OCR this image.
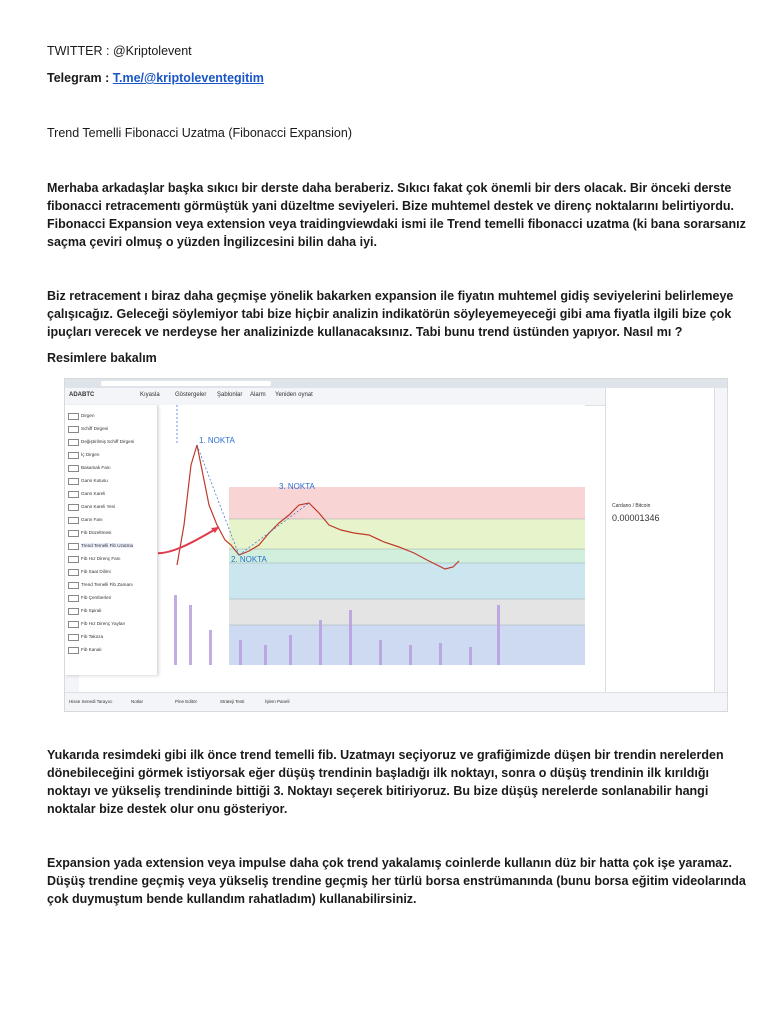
TWITTER : @Kriptolevent
Telegram : T.me/@kriptoleventegitim
Trend Temelli Fibonacci Uzatma (Fibonacci Expansion)
Merhaba arkadaşlar başka sıkıcı bir derste daha beraberiz. Sıkıcı fakat çok önemli bir ders olacak. Bir önceki derste
fibonacci retracementı görmüştük yani düzeltme seviyeleri. Bize muhtemel destek ve direnç noktalarını belirtiyordu.
Fibonacci Expansion veya extension veya traidingviewdaki ismi ile Trend temelli fibonacci uzatma (ki bana sorarsanız
saçma çeviri olmuş o yüzden İngilizcesini bilin daha iyi.
Biz retracement ı biraz daha geçmişe yönelik bakarken expansion ile fiyatın muhtemel gidiş seviyelerini belirlemeye
çalışıcağız. Geleceği söylemiyor tabi bize hiçbir analizin indikatörün söyleyemeyeceği gibi ama fiyatla ilgili bize çok
ipuçları verecek ve nerdeyse her analizinizde kullanacaksınız. Tabi bunu trend üstünden yapıyor. Nasıl mı ?
Resimlere bakalım
ADABTC	Kıyasla	Göstergeler Şablonlar Alarm Yeniden oynat
1. NOKTA
2. NOKTA
3. NOKTA
Dirgen
Schiff Dirgeni
Değiştirilmiş Schiff Dirgeni
İç Dirgen
Basamak Fanı
Gann Kutusu
Gann Kareli
Gann Kareli Yeni
Gann Fanı
Fib Düzeltmesi
Trend Temelli Fib Uzatma
Fib Hız Direnç Fanı
Fib Saat Dilimi
Trend Temelli Fib Zamanı
Fib Çemberleri
Fib Spirali
Fib Hız Direnç Yayları
Fib Takoza
Fib Kanalı
Cardano / Bitcoin
0.00001346
Hisse Senedi Tarayıcı	Notlar	Pine Editör	Strateji Testi	İşlem Paneli
Yukarıda resimdeki gibi ilk önce trend temelli fib. Uzatmayı seçiyoruz ve grafiğimizde düşen bir trendin nerelerden
dönebileceğini görmek istiyorsak eğer düşüş trendinin başladığı ilk noktayı, sonra o düşüş trendinin ilk kırıldığı
noktayı ve yükseliş trendininde bittiği 3. Noktayı seçerek bitiriyoruz. Bu bize düşüş nerelerde sonlanabilir hangi
noktalar bize destek olur onu gösteriyor.
Expansion yada extension veya impulse daha çok trend yakalamış coinlerde kullanın düz bir hatta çok işe yaramaz.
Düşüş trendine geçmiş veya yükseliş trendine geçmiş her türlü borsa enstrümanında (bunu borsa eğitim videolarında
çok duymuştum bende kullandım rahatladım) kullanabilirsiniz.
